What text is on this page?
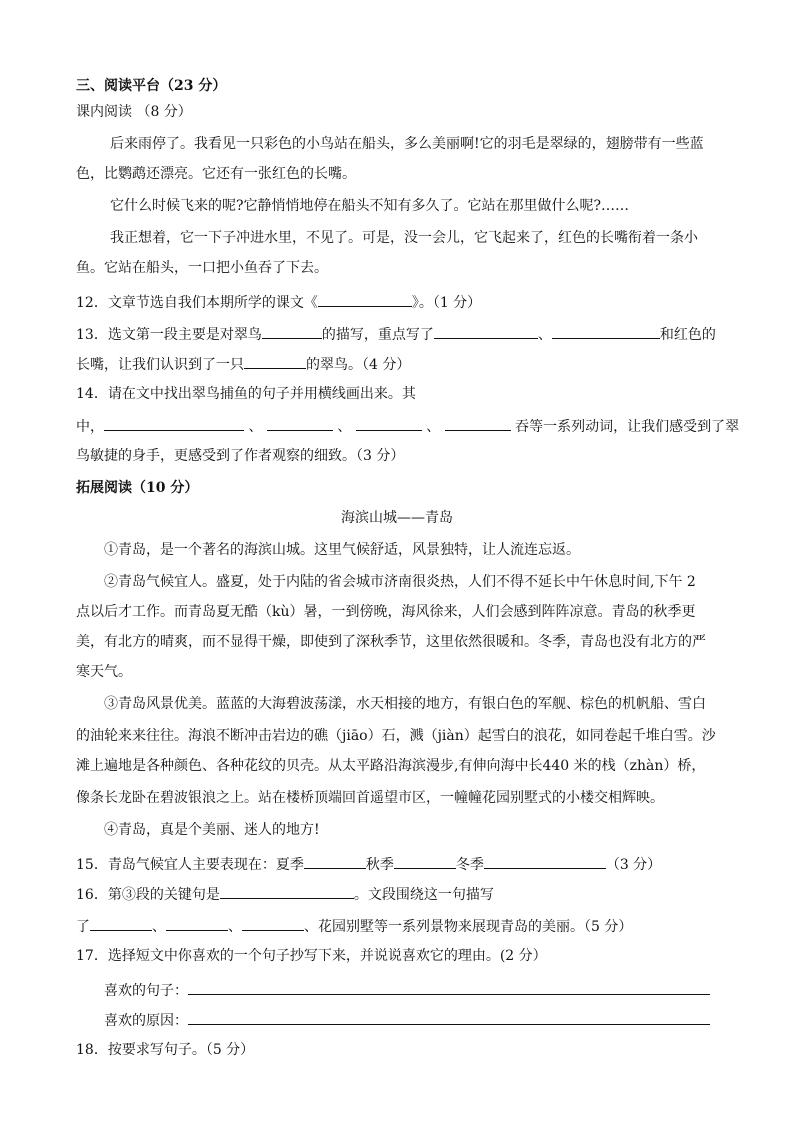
三、阅读平台（23 分）
课内阅读 （8 分）
后来雨停了。我看见一只彩色的小鸟站在船头，多么美丽啊!它的羽毛是翠绿的，翅膀带有一些蓝
色，比鹦鹉还漂亮。它还有一张红色的长嘴。
它什么时候飞来的呢?它静悄悄地停在船头不知有多久了。它站在那里做什么呢?……
我正想着，它一下子冲进水里，不见了。可是，没一会儿，它飞起来了，红色的长嘴衔着一条小
鱼。它站在船头，一口把小鱼吞了下去。
12．文章节选自我们本期所学的课文《	》。（1 分）
13．选文第一段主要是对翠鸟	的描写，重点写了	、	和红色的
长嘴，让我们认识到了一只	的翠鸟。（4 分）
14．请在文中找出翠鸟捕鱼的句子并用横线画出来。其
中，	、	、	、	吞等一系列动词，让我们感受到了翠
鸟敏捷的身手，更感受到了作者观察的细致。（3 分）
拓展阅读（10 分）
海滨山城——青岛
①青岛，是一个著名的海滨山城。这里气候舒适，风景独特，让人流连忘返。
②青岛气候宜人。盛夏，处于内陆的省会城市济南很炎热，人们不得不延长中午休息时间,下午 2
点以后才工作。而青岛夏无酷（kù）暑，一到傍晚，海风徐来，人们会感到阵阵凉意。青岛的秋季更
美，有北方的晴爽，而不显得干燥，即使到了深秋季节，这里依然很暖和。冬季，青岛也没有北方的严
寒天气。
③青岛风景优美。蓝蓝的大海碧波荡漾，水天相接的地方，有银白色的军舰、棕色的机帆船、雪白
的油轮来来往往。海浪不断冲击岩边的礁（jiāo）石，溅（jiàn）起雪白的浪花，如同卷起千堆白雪。沙
滩上遍地是各种颜色、各种花纹的贝壳。从太平路沿海滨漫步,有伸向海中长440 米的栈（zhàn）桥，
像条长龙卧在碧波银浪之上。站在楼桥顶端回首遥望市区，一幢幢花园别墅式的小楼交相辉映。
④青岛，真是个美丽、迷人的地方!
15．青岛气候宜人主要表现在：夏季	秋季	冬季	（3 分）
16．第③段的关键句是	。文段围绕这一句描写
了	、	、	、花园别墅等一系列景物来展现青岛的美丽。（5 分）
17．选择短文中你喜欢的一个句子抄写下来，并说说喜欢它的理由。(2 分）
喜欢的句子：
喜欢的原因：
18．按要求写句子。（5 分）
